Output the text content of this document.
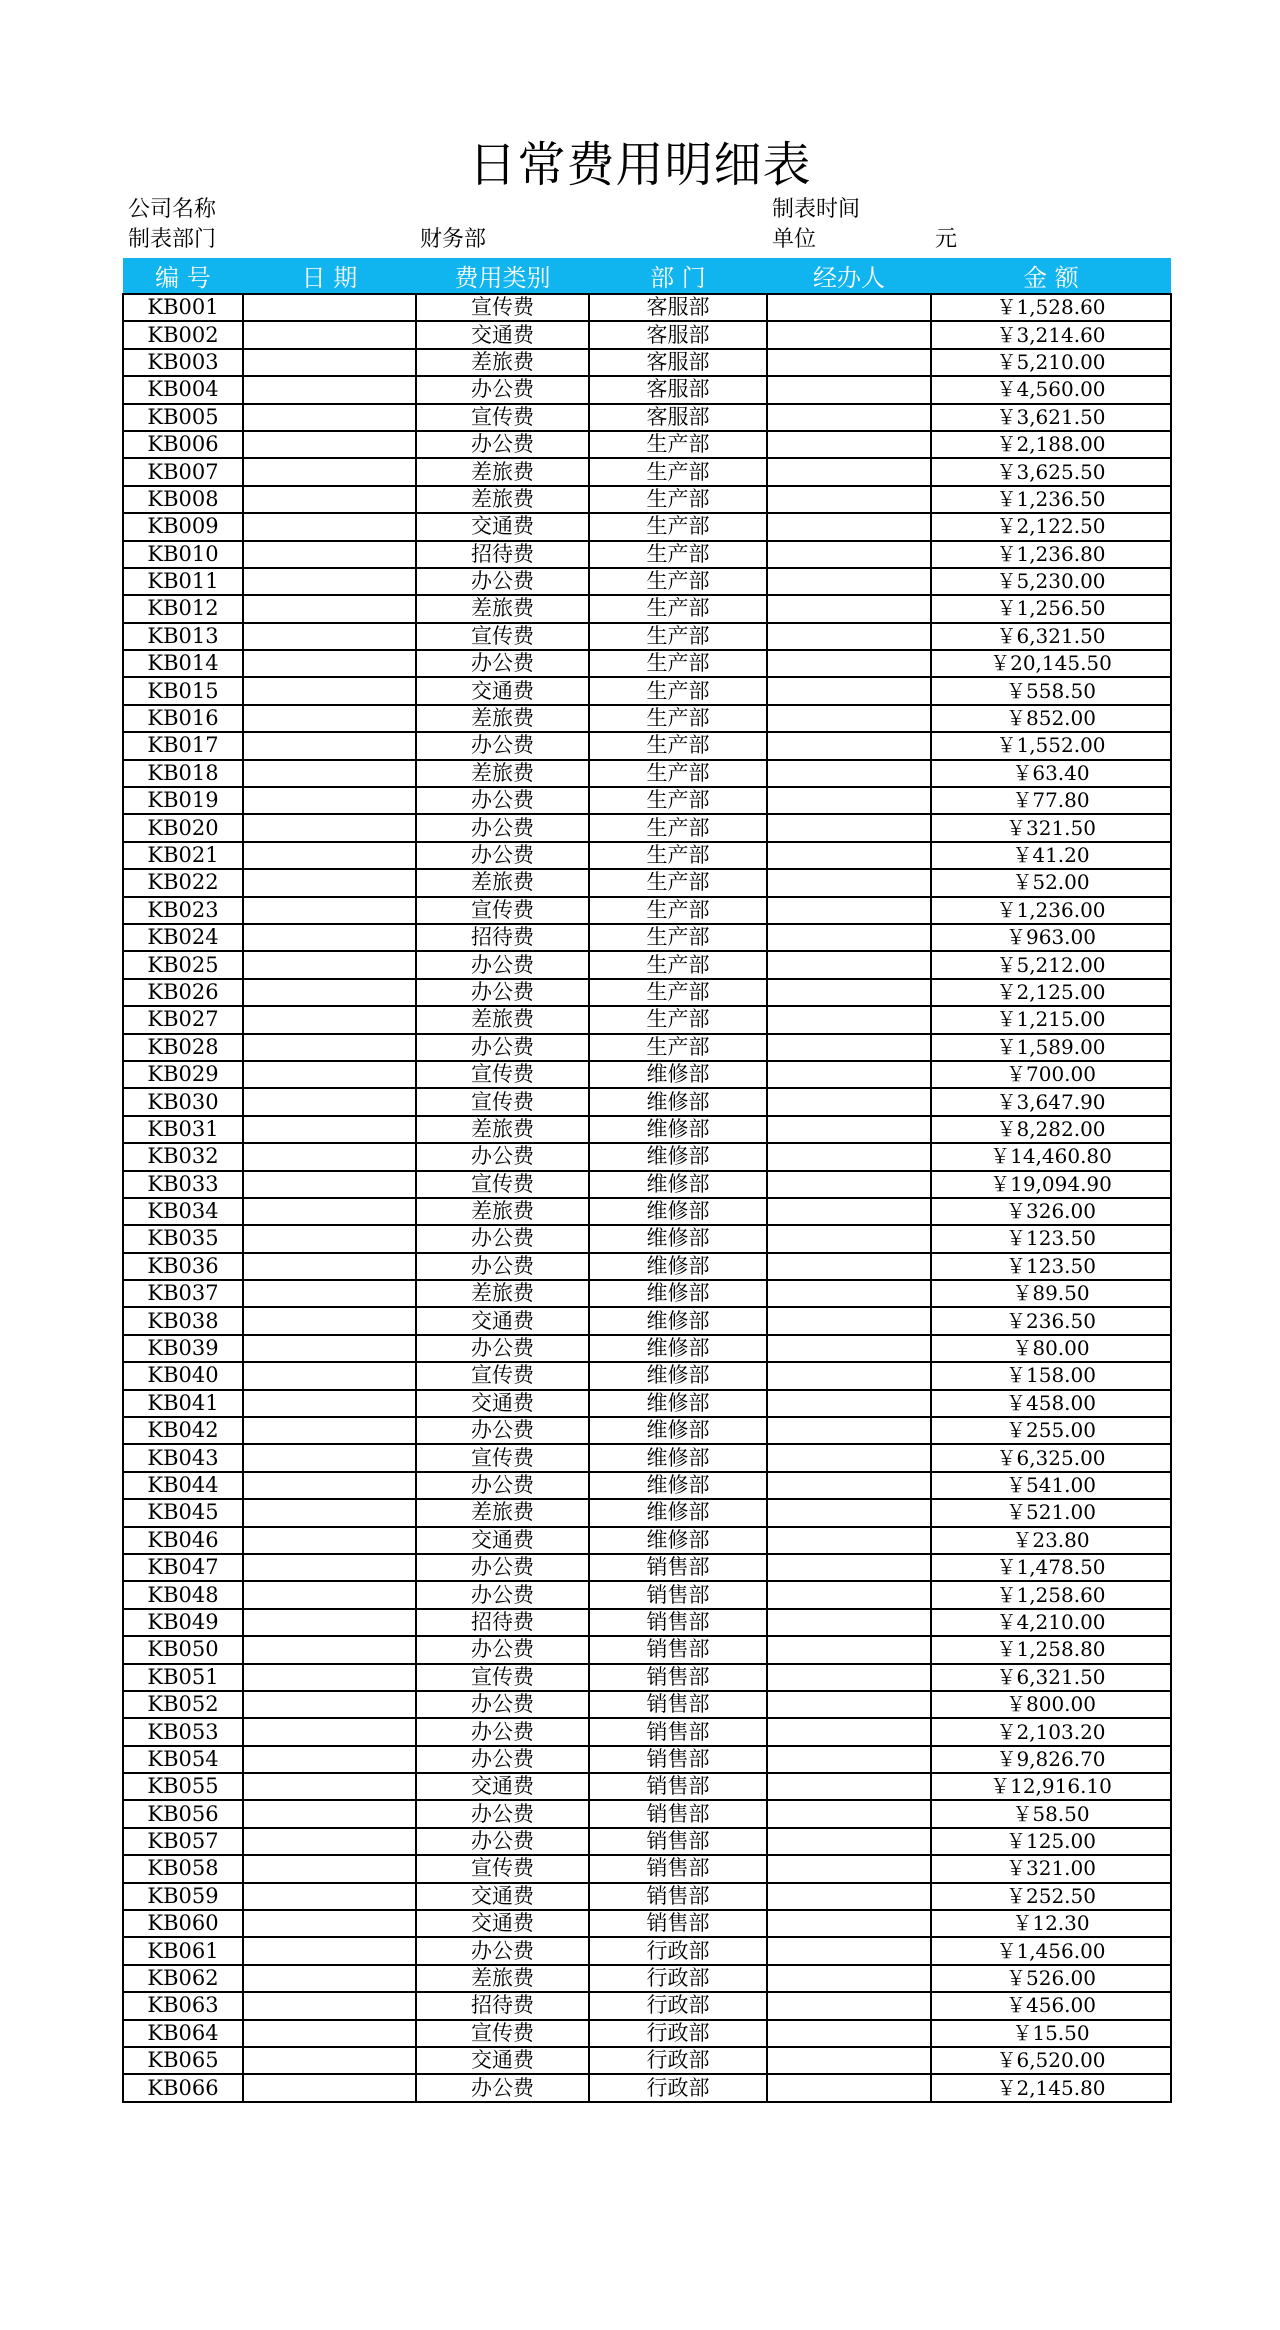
日常费用明细表
公司名称
制表部门	财务部
制表时间
单位	元
编 号	日 期	费用类别	部 门	经办人	金 额
KB001		宣传费	客服部		￥1,528.60
KB002		交通费	客服部		￥3,214.60
KB003		差旅费	客服部		￥5,210.00
KB004		办公费	客服部		￥4,560.00
KB005		宣传费	客服部		￥3,621.50
KB006		办公费	生产部		￥2,188.00
KB007		差旅费	生产部		￥3,625.50
KB008		差旅费	生产部		￥1,236.50
KB009		交通费	生产部		￥2,122.50
KB010		招待费	生产部		￥1,236.80
KB011		办公费	生产部		￥5,230.00
KB012		差旅费	生产部		￥1,256.50
KB013		宣传费	生产部		￥6,321.50
KB014		办公费	生产部		￥20,145.50
KB015		交通费	生产部		￥558.50
KB016		差旅费	生产部		￥852.00
KB017		办公费	生产部		￥1,552.00
KB018		差旅费	生产部		￥63.40
KB019		办公费	生产部		￥77.80
KB020		办公费	生产部		￥321.50
KB021		办公费	生产部		￥41.20
KB022		差旅费	生产部		￥52.00
KB023		宣传费	生产部		￥1,236.00
KB024		招待费	生产部		￥963.00
KB025		办公费	生产部		￥5,212.00
KB026		办公费	生产部		￥2,125.00
KB027		差旅费	生产部		￥1,215.00
KB028		办公费	生产部		￥1,589.00
KB029		宣传费	维修部		￥700.00
KB030		宣传费	维修部		￥3,647.90
KB031		差旅费	维修部		￥8,282.00
KB032		办公费	维修部		￥14,460.80
KB033		宣传费	维修部		￥19,094.90
KB034		差旅费	维修部		￥326.00
KB035		办公费	维修部		￥123.50
KB036		办公费	维修部		￥123.50
KB037		差旅费	维修部		￥89.50
KB038		交通费	维修部		￥236.50
KB039		办公费	维修部		￥80.00
KB040		宣传费	维修部		￥158.00
KB041		交通费	维修部		￥458.00
KB042		办公费	维修部		￥255.00
KB043		宣传费	维修部		￥6,325.00
KB044		办公费	维修部		￥541.00
KB045		差旅费	维修部		￥521.00
KB046		交通费	维修部		￥23.80
KB047		办公费	销售部		￥1,478.50
KB048		办公费	销售部		￥1,258.60
KB049		招待费	销售部		￥4,210.00
KB050		办公费	销售部		￥1,258.80
KB051		宣传费	销售部		￥6,321.50
KB052		办公费	销售部		￥800.00
KB053		办公费	销售部		￥2,103.20
KB054		办公费	销售部		￥9,826.70
KB055		交通费	销售部		￥12,916.10
KB056		办公费	销售部		￥58.50
KB057		办公费	销售部		￥125.00
KB058		宣传费	销售部		￥321.00
KB059		交通费	销售部		￥252.50
KB060		交通费	销售部		￥12.30
KB061		办公费	行政部		￥1,456.00
KB062		差旅费	行政部		￥526.00
KB063		招待费	行政部		￥456.00
KB064		宣传费	行政部		￥15.50
KB065		交通费	行政部		￥6,520.00
KB066		办公费	行政部		￥2,145.80
